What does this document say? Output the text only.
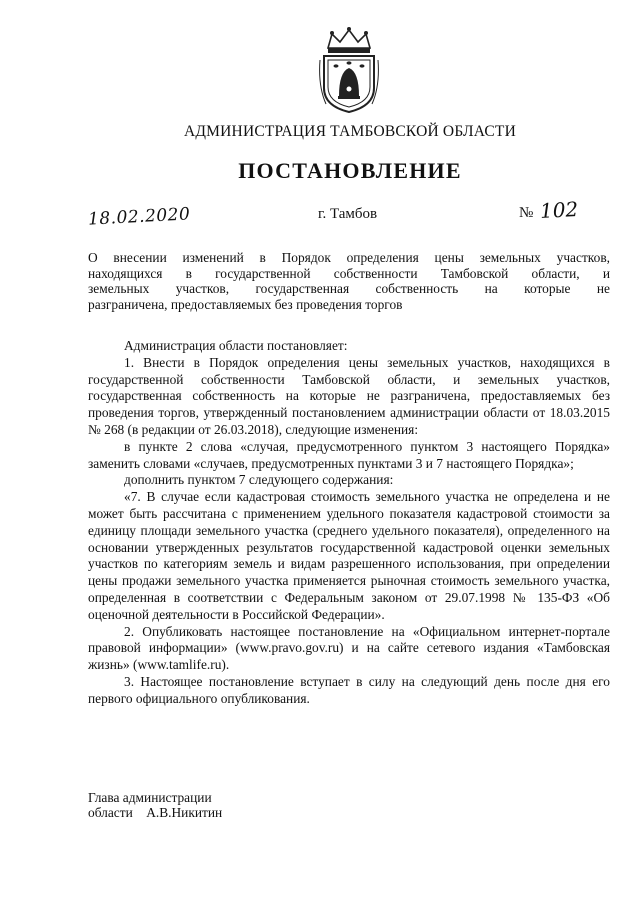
АДМИНИСТРАЦИЯ ТАМБОВСКОЙ ОБЛАСТИ
ПОСТАНОВЛЕНИЕ
18.02.2020	г. Тамбов	№ 102
О внесении изменений в Порядок определения цены земельных участков,
находящихся в государственной собственности Тамбовской области, и
земельных участков, государственная собственность на которые не
разграничена, предоставляемых без проведения торгов

Администрация области постановляет:

1. Внести в Порядок определения цены земельных участков, находящихся в государственной собственности Тамбовской области, и земельных участков, государственная собственность на которые не разграничена, предоставляемых без проведения торгов, утвержденный постановлением администрации области от 18.03.2015 № 268 (в редакции от 26.03.2018), следующие изменения:

в пункте 2 слова «случая, предусмотренного пунктом 3 настоящего Порядка» заменить словами «случаев, предусмотренных пунктами 3 и 7 настоящего Порядка»;

дополнить пунктом 7 следующего содержания:

«7. В случае если кадастровая стоимость земельного участка не определена и не может быть рассчитана с применением удельного показателя кадастровой стоимости за единицу площади земельного участка (среднего удельного показателя), определенного на основании утвержденных результатов государственной кадастровой оценки земельных участков по категориям земель и видам разрешенного использования, при определении цены продажи земельного участка применяется рыночная стоимость земельного участка, определенная в соответствии с Федеральным законом от 29.07.1998 № 135-ФЗ «Об оценочной деятельности в Российской Федерации».

2. Опубликовать настоящее постановление на «Официальном интернет-портале правовой информации» (www.pravo.gov.ru) и на сайте сетевого издания «Тамбовская жизнь» (www.tamlife.ru).

3. Настоящее постановление вступает в силу на следующий день после дня его первого официального опубликования.

Глава администрации
области А.В.Никитин
